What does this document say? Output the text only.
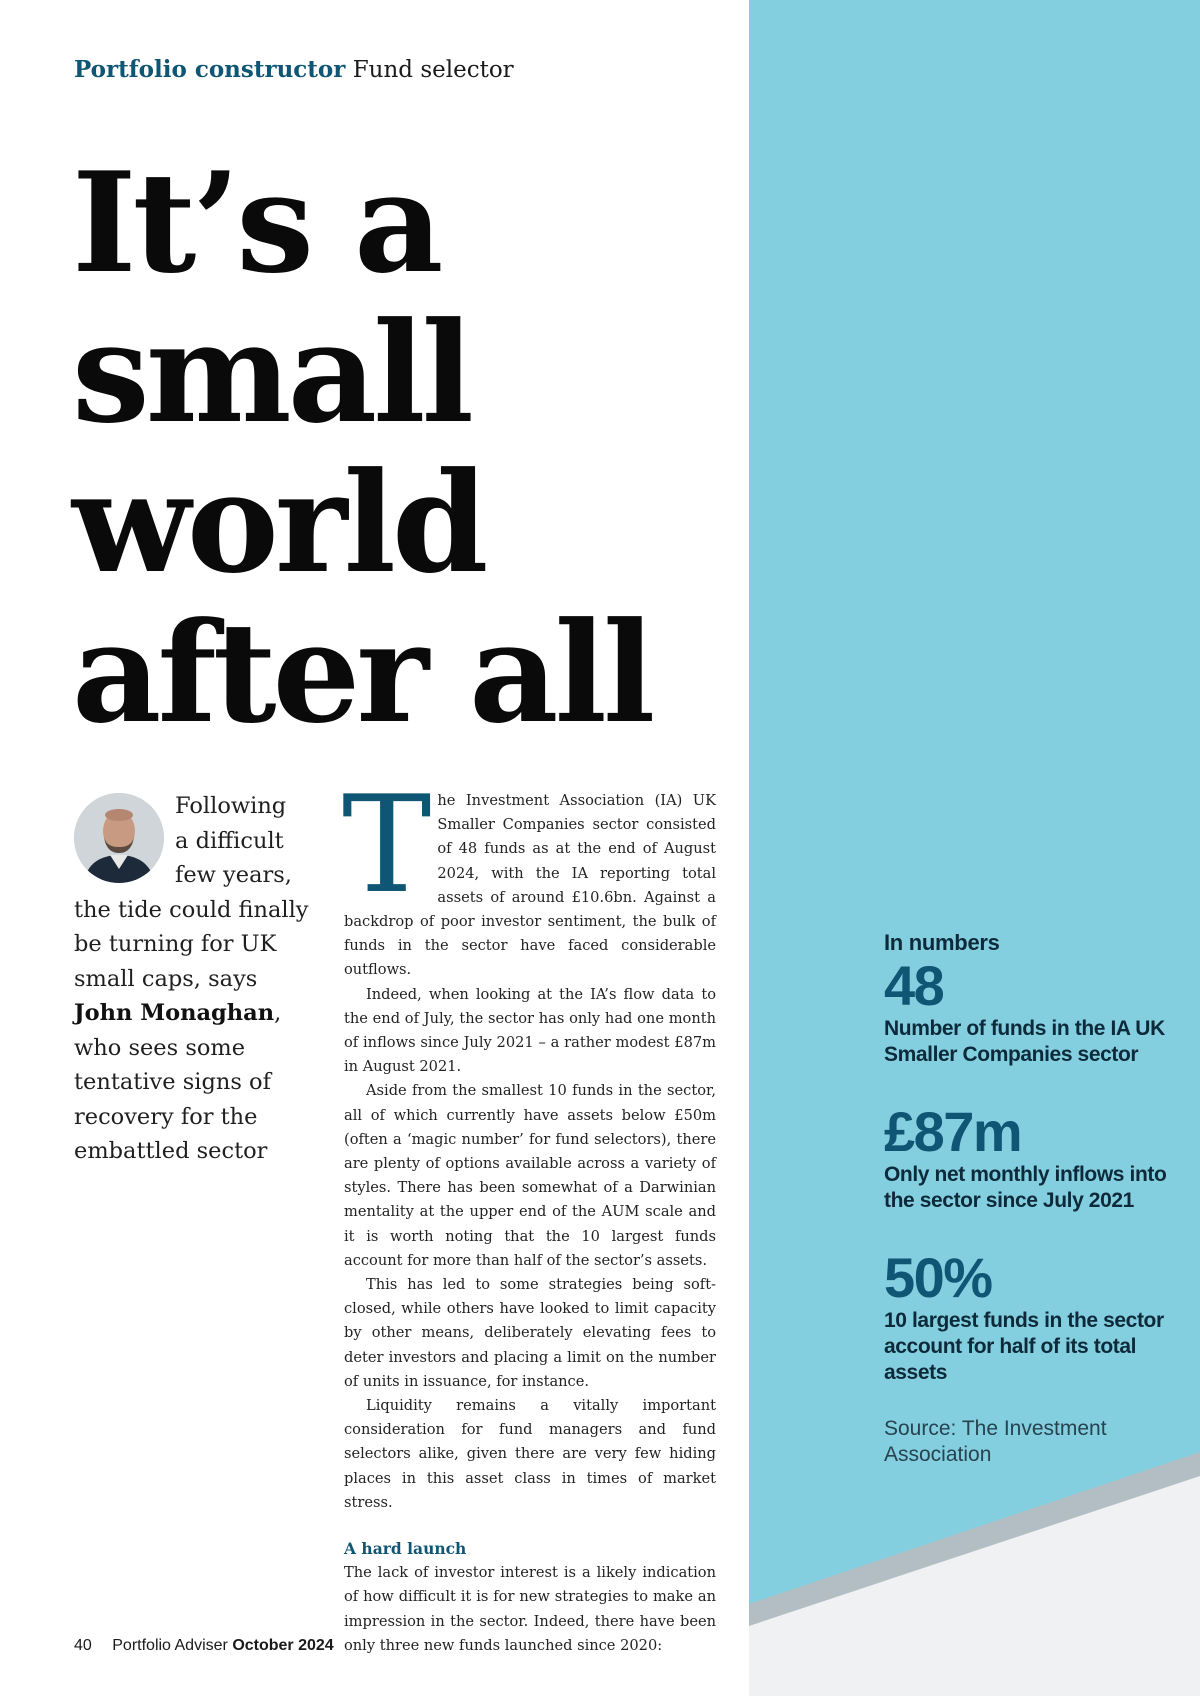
Portfolio constructor Fund selector
It’s a
small
world
after all
Following
a difficult
few years,
the tide could finally be turning for UK small caps, says John Monaghan, who sees some tentative signs of recovery for the embattled sector

The Investment Association (IA) UK Smaller Companies sector consisted of 48 funds as at the end of August 2024, with the IA reporting total assets of around £10.6bn. Against a backdrop of poor investor sentiment, the bulk of funds in the sector have faced considerable outflows.

Indeed, when looking at the IA’s flow data to the end of July, the sector has only had one month of inflows since July 2021 – a rather modest £87m in August 2021.

Aside from the smallest 10 funds in the sector, all of which currently have assets below £50m (often a ‘magic number’ for fund selectors), there are plenty of options available across a variety of styles. There has been somewhat of a Darwinian mentality at the upper end of the AUM scale and it is worth noting that the 10 largest funds account for more than half of the sector’s assets.

This has led to some strategies being soft-closed, while others have looked to limit capacity by other means, deliberately elevating fees to deter investors and placing a limit on the number of units in issuance, for instance.

Liquidity remains a vitally important consideration for fund managers and fund selectors alike, given there are very few hiding places in this asset class in times of market stress.

A hard launch

The lack of investor interest is a likely indication of how difficult it is for new strategies to make an impression in the sector. Indeed, there have been only three new funds launched since 2020:

In numbers
48
Number of funds in the IA UK Smaller Companies sector
£87m
Only net monthly inflows into the sector since July 2021
50%
10 largest funds in the sector account for half of its total assets
Source: The Investment Association
40 Portfolio Adviser October 2024
